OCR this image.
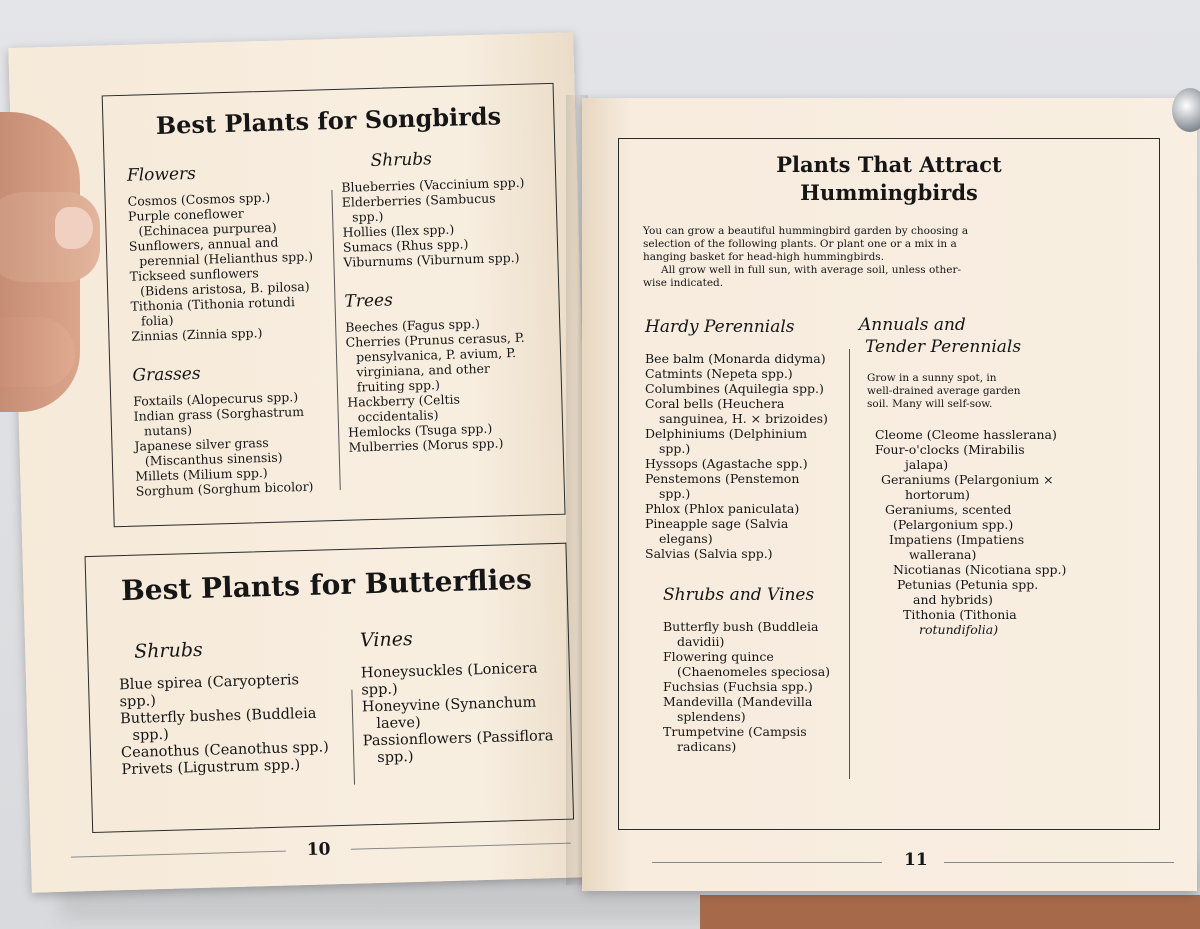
Best Plants for Songbirds

Flowers

Cosmos (Cosmos spp.)
Purple coneflower
(Echinacea purpurea)
Sunflowers, annual and
perennial (Helianthus spp.)
Tickseed sunflowers
(Bidens aristosa, B. pilosa)
Tithonia (Tithonia rotundi
folia)
Zinnias (Zinnia spp.)

Grasses

Foxtails (Alopecurus spp.)
Indian grass (Sorghastrum
nutans)
Japanese silver grass
(Miscanthus sinensis)
Millets (Milium spp.)
Sorghum (Sorghum bicolor)

Shrubs

Blueberries (Vaccinium spp.)
Elderberries (Sambucus
spp.)
Hollies (Ilex spp.)
Sumacs (Rhus spp.)
Viburnums (Viburnum spp.)

Trees

Beeches (Fagus spp.)
Cherries (Prunus cerasus, P.
pensylvanica, P. avium, P.
virginiana, and other
fruiting spp.)
Hackberry (Celtis
occidentalis)
Hemlocks (Tsuga spp.)
Mulberries (Morus spp.)
Best Plants for Butterflies

Shrubs

Blue spirea (Caryopteris spp.)
Butterfly bushes (Buddleia
spp.)
Ceanothus (Ceanothus spp.)
Privets (Ligustrum spp.)

Vines

Honeysuckles (Lonicera spp.)
Honeyvine (Synanchum
laeve)
Passionflowers (Passiflora
spp.)
10
Plants That Attract
Hummingbirds
You can grow a beautiful hummingbird garden by choosing a
selection of the following plants. Or plant one or a mix in a
hanging basket for head-high hummingbirds.
All grow well in full sun, with average soil, unless other-
wise indicated.

Hardy Perennials

Bee balm (Monarda didyma)
Catmints (Nepeta spp.)
Columbines (Aquilegia spp.)
Coral bells (Heuchera
sanguinea, H. × brizoides)
Delphiniums (Delphinium
spp.)
Hyssops (Agastache spp.)
Penstemons (Penstemon
spp.)
Phlox (Phlox paniculata)
Pineapple sage (Salvia
elegans)
Salvias (Salvia spp.)

Shrubs and Vines

Butterfly bush (Buddleia
davidii)
Flowering quince
(Chaenomeles speciosa)
Fuchsias (Fuchsia spp.)
Mandevilla (Mandevilla
splendens)
Trumpetvine (Campsis
radicans)

Annuals and
Tender Perennials

Grow in a sunny spot, in
well-drained average garden
soil. Many will self-sow.
Cleome (Cleome hasslerana)
Four-o'clocks (Mirabilis
jalapa)
Geraniums (Pelargonium ×
hortorum)
Geraniums, scented
(Pelargonium spp.)
Impatiens (Impatiens
wallerana)
Nicotianas (Nicotiana spp.)
Petunias (Petunia spp.
and hybrids)
Tithonia (Tithonia
rotundifolia)
11
